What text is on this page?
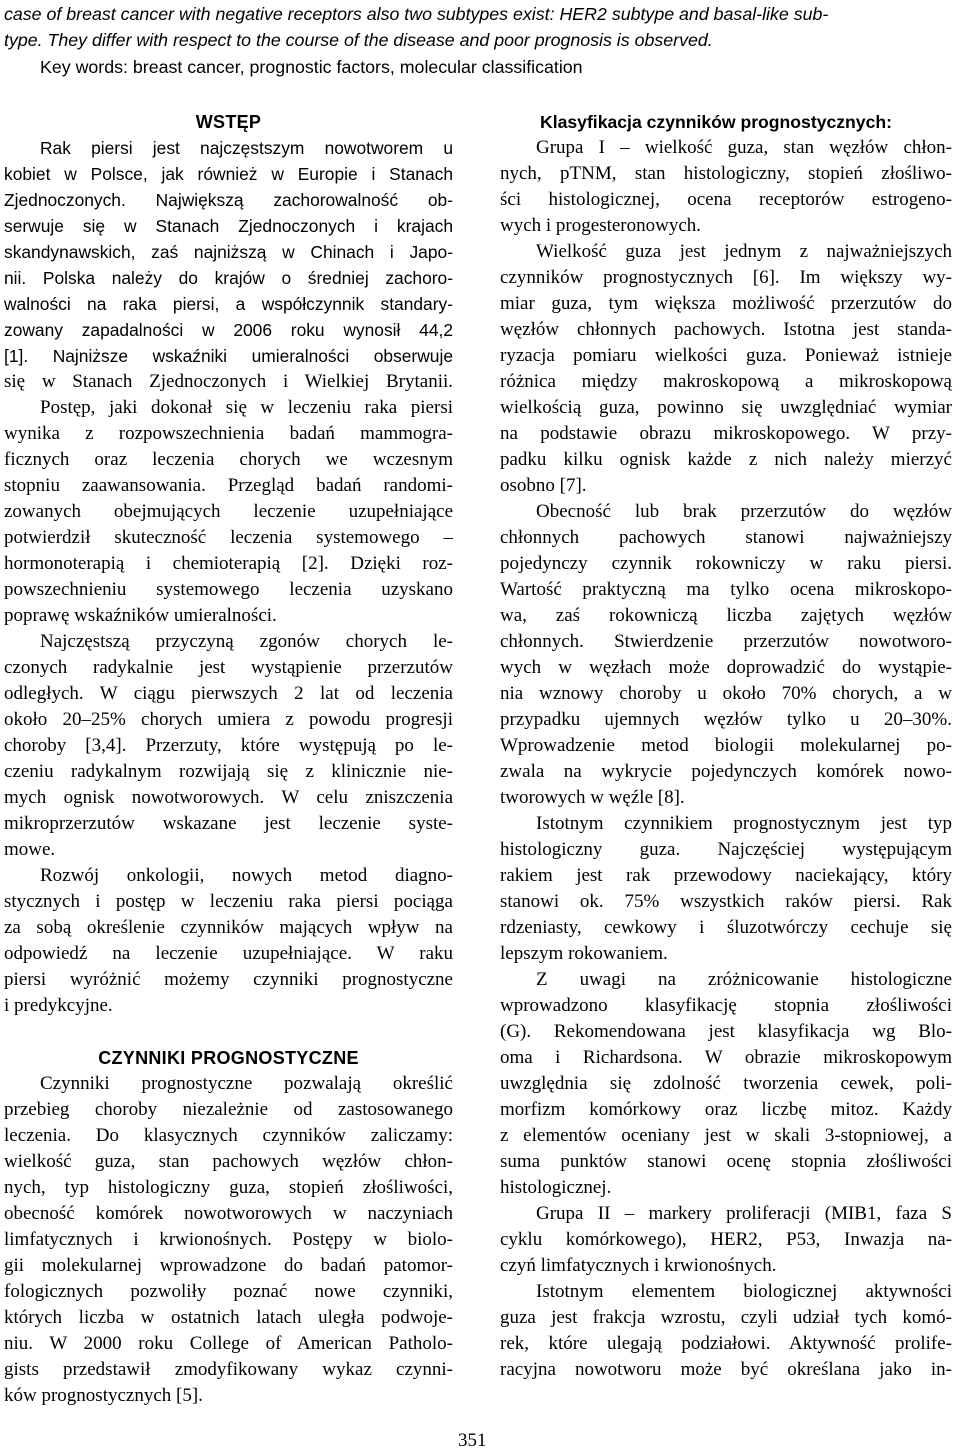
case of breast cancer with negative receptors also two subtypes exist: HER2 subtype and basal-like sub-
type. They differ with respect to the course of the disease and poor prognosis is observed.
Key words: breast cancer, prognostic factors, molecular classification
WSTĘP
Rak piersi jest najczęstszym nowotworem u
kobiet w Polsce, jak również w Europie i Stanach
Zjednoczonych. Największą zachorowalność ob-
serwuje się w Stanach Zjednoczonych i krajach
skandynawskich, zaś najniższą w Chinach i Japo-
nii. Polska należy do krajów o średniej zachoro-
walności na raka piersi, a współczynnik standary-
zowany zapadalności w 2006 roku wynosił 44,2
[1]. Najniższe wskaźniki umieralności obserwuje
się w Stanach Zjednoczonych i Wielkiej Brytanii.
Postęp, jaki dokonał się w leczeniu raka piersi
wynika z rozpowszechnienia badań mammogra-
ficznych oraz leczenia chorych we wczesnym
stopniu zaawansowania. Przegląd badań randomi-
zowanych obejmujących leczenie uzupełniające
potwierdził skuteczność leczenia systemowego –
hormonoterapią i chemioterapią [2]. Dzięki roz-
powszechnieniu systemowego leczenia uzyskano
poprawę wskaźników umieralności.
Najczęstszą przyczyną zgonów chorych le-
czonych radykalnie jest wystąpienie przerzutów
odległych. W ciągu pierwszych 2 lat od leczenia
około 20–25% chorych umiera z powodu progresji
choroby [3,4]. Przerzuty, które występują po le-
czeniu radykalnym rozwijają się z klinicznie nie-
mych ognisk nowotworowych. W celu zniszczenia
mikroprzerzutów wskazane jest leczenie syste-
mowe.
Rozwój onkologii, nowych metod diagno-
stycznych i postęp w leczeniu raka piersi pociąga
za sobą określenie czynników mających wpływ na
odpowiedź na leczenie uzupełniające. W raku
piersi wyróżnić możemy czynniki prognostyczne
i predykcyjne.
CZYNNIKI PROGNOSTYCZNE
Czynniki prognostyczne pozwalają określić
przebieg choroby niezależnie od zastosowanego
leczenia. Do klasycznych czynników zaliczamy:
wielkość guza, stan pachowych węzłów chłon-
nych, typ histologiczny guza, stopień złośliwości,
obecność komórek nowotworowych w naczyniach
limfatycznych i krwionośnych. Postępy w biolo-
gii molekularnej wprowadzone do badań patomor-
fologicznych pozwoliły poznać nowe czynniki,
których liczba w ostatnich latach uległa podwoje-
niu. W 2000 roku College of American Patholo-
gists przedstawił zmodyfikowany wykaz czynni-
ków prognostycznych [5].
Klasyfikacja czynników prognostycznych:
Grupa I – wielkość guza, stan węzłów chłon-
nych, pTNM, stan histologiczny, stopień złośliwo-
ści histologicznej, ocena receptorów estrogeno-
wych i progesteronowych.
Wielkość guza jest jednym z najważniejszych
czynników prognostycznych [6]. Im większy wy-
miar guza, tym większa możliwość przerzutów do
węzłów chłonnych pachowych. Istotna jest standa-
ryzacja pomiaru wielkości guza. Ponieważ istnieje
różnica między makroskopową a mikroskopową
wielkością guza, powinno się uwzględniać wymiar
na podstawie obrazu mikroskopowego. W przy-
padku kilku ognisk każde z nich należy mierzyć
osobno [7].
Obecność lub brak przerzutów do węzłów
chłonnych pachowych stanowi najważniejszy
pojedynczy czynnik rokowniczy w raku piersi.
Wartość praktyczną ma tylko ocena mikroskopo-
wa, zaś rokowniczą liczba zajętych węzłów
chłonnych. Stwierdzenie przerzutów nowotworo-
wych w węzłach może doprowadzić do wystąpie-
nia wznowy choroby u około 70% chorych, a w
przypadku ujemnych węzłów tylko u 20–30%.
Wprowadzenie metod biologii molekularnej po-
zwala na wykrycie pojedynczych komórek nowo-
tworowych w węźle [8].
Istotnym czynnikiem prognostycznym jest typ
histologiczny guza. Najczęściej występującym
rakiem jest rak przewodowy naciekający, który
stanowi ok. 75% wszystkich raków piersi. Rak
rdzeniasty, cewkowy i śluzotwórczy cechuje się
lepszym rokowaniem.
Z uwagi na zróżnicowanie histologiczne
wprowadzono klasyfikację stopnia złośliwości
(G). Rekomendowana jest klasyfikacja wg Blo-
oma i Richardsona. W obrazie mikroskopowym
uwzględnia się zdolność tworzenia cewek, poli-
morfizm komórkowy oraz liczbę mitoz. Każdy
z elementów oceniany jest w skali 3-stopniowej, a
suma punktów stanowi ocenę stopnia złośliwości
histologicznej.
Grupa II – markery proliferacji (MIB1, faza S
cyklu komórkowego), HER2, P53, Inwazja na-
czyń limfatycznych i krwionośnych.
Istotnym elementem biologicznej aktywności
guza jest frakcja wzrostu, czyli udział tych komó-
rek, które ulegają podziałowi. Aktywność prolife-
racyjna nowotworu może być określana jako in-
351
